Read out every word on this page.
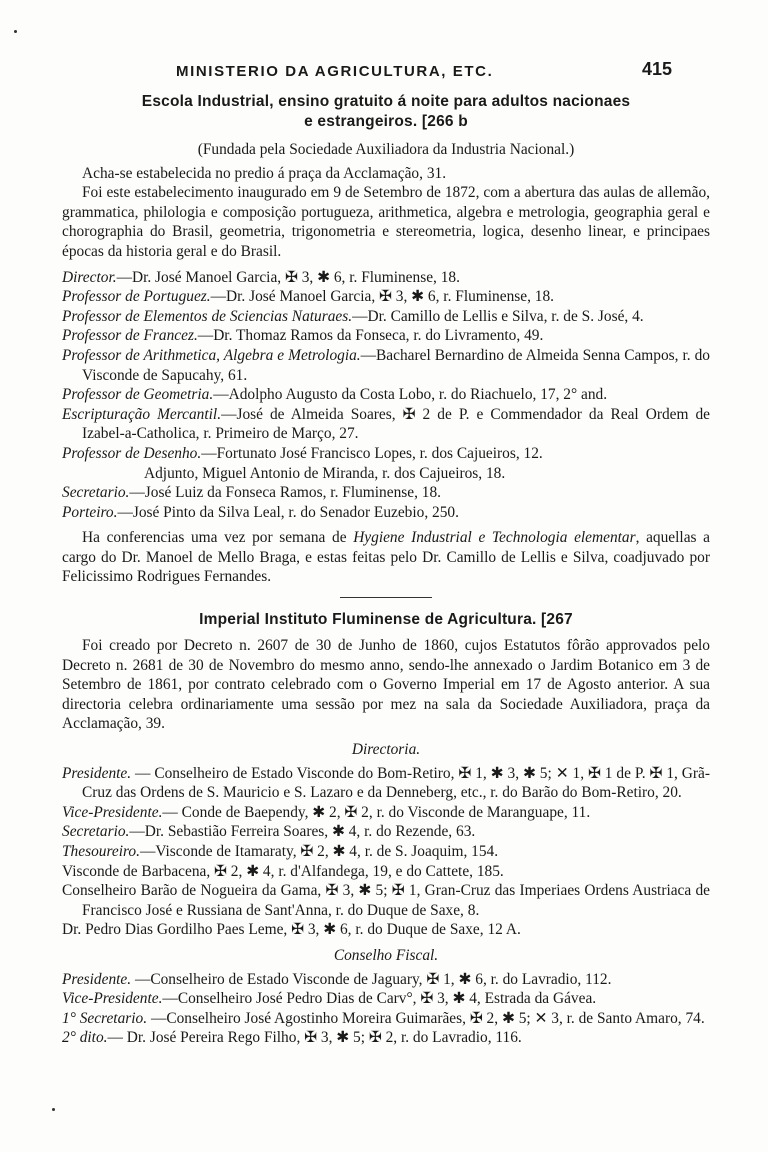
MINISTERIO DA AGRICULTURA, ETC.	415
Escola Industrial, ensino gratuito á noite para adultos nacionaes
e estrangeiros. [266 b
(Fundada pela Sociedade Auxiliadora da Industria Nacional.)

Acha-se estabelecida no predio á praça da Acclamação, 31.

Foi este estabelecimento inaugurado em 9 de Setembro de 1872, com a abertura das aulas de allemão, grammatica, philologia e composição portugueza, arithmetica, algebra e metrologia, geographia geral e chorographia do Brasil, geometria, trigonometria e stereometria, logica, desenho linear, e principaes épocas da historia geral e do Brasil.

Director.—Dr. José Manoel Garcia, ✠ 3, ✱ 6, r. Fluminense, 18.

Professor de Portuguez.—Dr. José Manoel Garcia, ✠ 3, ✱ 6, r. Fluminense, 18.

Professor de Elementos de Sciencias Naturaes.—Dr. Camillo de Lellis e Silva, r. de S. José, 4.

Professor de Francez.—Dr. Thomaz Ramos da Fonseca, r. do Livramento, 49.

Professor de Arithmetica, Algebra e Metrologia.—Bacharel Bernardino de Almeida Senna Campos, r. do Visconde de Sapucahy, 61.

Professor de Geometria.—Adolpho Augusto da Costa Lobo, r. do Riachuelo, 17, 2° and.

Escripturação Mercantil.—José de Almeida Soares, ✠ 2 de P. e Commendador da Real Ordem de Izabel-a-Catholica, r. Primeiro de Março, 27.

Professor de Desenho.—Fortunato José Francisco Lopes, r. dos Cajueiros, 12.

Adjunto, Miguel Antonio de Miranda, r. dos Cajueiros, 18.

Secretario.—José Luiz da Fonseca Ramos, r. Fluminense, 18.

Porteiro.—José Pinto da Silva Leal, r. do Senador Euzebio, 250.

Ha conferencias uma vez por semana de Hygiene Industrial e Technologia elementar, aquellas a cargo do Dr. Manoel de Mello Braga, e estas feitas pelo Dr. Camillo de Lellis e Silva, coadjuvado por Felicissimo Rodrigues Fernandes.

Imperial Instituto Fluminense de Agricultura. [267

Foi creado por Decreto n. 2607 de 30 de Junho de 1860, cujos Estatutos fôrão approvados pelo Decreto n. 2681 de 30 de Novembro do mesmo anno, sendo-lhe annexado o Jardim Botanico em 3 de Setembro de 1861, por contrato celebrado com o Governo Imperial em 17 de Agosto anterior. A sua directoria celebra ordinariamente uma sessão por mez na sala da Sociedade Auxiliadora, praça da Acclamação, 39.

Directoria.

Presidente. — Conselheiro de Estado Visconde do Bom-Retiro, ✠ 1, ✱ 3, ✱ 5; ✕ 1, ✠ 1 de P. ✠ 1, Grã-Cruz das Ordens de S. Mauricio e S. Lazaro e da Denneberg, etc., r. do Barão do Bom-Retiro, 20.

Vice-Presidente.— Conde de Baependy, ✱ 2, ✠ 2, r. do Visconde de Maranguape, 11.

Secretario.—Dr. Sebastião Ferreira Soares, ✱ 4, r. do Rezende, 63.

Thesoureiro.—Visconde de Itamaraty, ✠ 2, ✱ 4, r. de S. Joaquim, 154.

Visconde de Barbacena, ✠ 2, ✱ 4, r. d'Alfandega, 19, e do Cattete, 185.

Conselheiro Barão de Nogueira da Gama, ✠ 3, ✱ 5; ✠ 1, Gran-Cruz das Imperiaes Ordens Austriaca de Francisco José e Russiana de Sant'Anna, r. do Duque de Saxe, 8.

Dr. Pedro Dias Gordilho Paes Leme, ✠ 3, ✱ 6, r. do Duque de Saxe, 12 A.

Conselho Fiscal.

Presidente. —Conselheiro de Estado Visconde de Jaguary, ✠ 1, ✱ 6, r. do Lavradio, 112.

Vice-Presidente.—Conselheiro José Pedro Dias de Carv°, ✠ 3, ✱ 4, Estrada da Gávea.

1° Secretario. —Conselheiro José Agostinho Moreira Guimarães, ✠ 2, ✱ 5; ✕ 3, r. de Santo Amaro, 74.

2° dito.— Dr. José Pereira Rego Filho, ✠ 3, ✱ 5; ✠ 2, r. do Lavradio, 116.
